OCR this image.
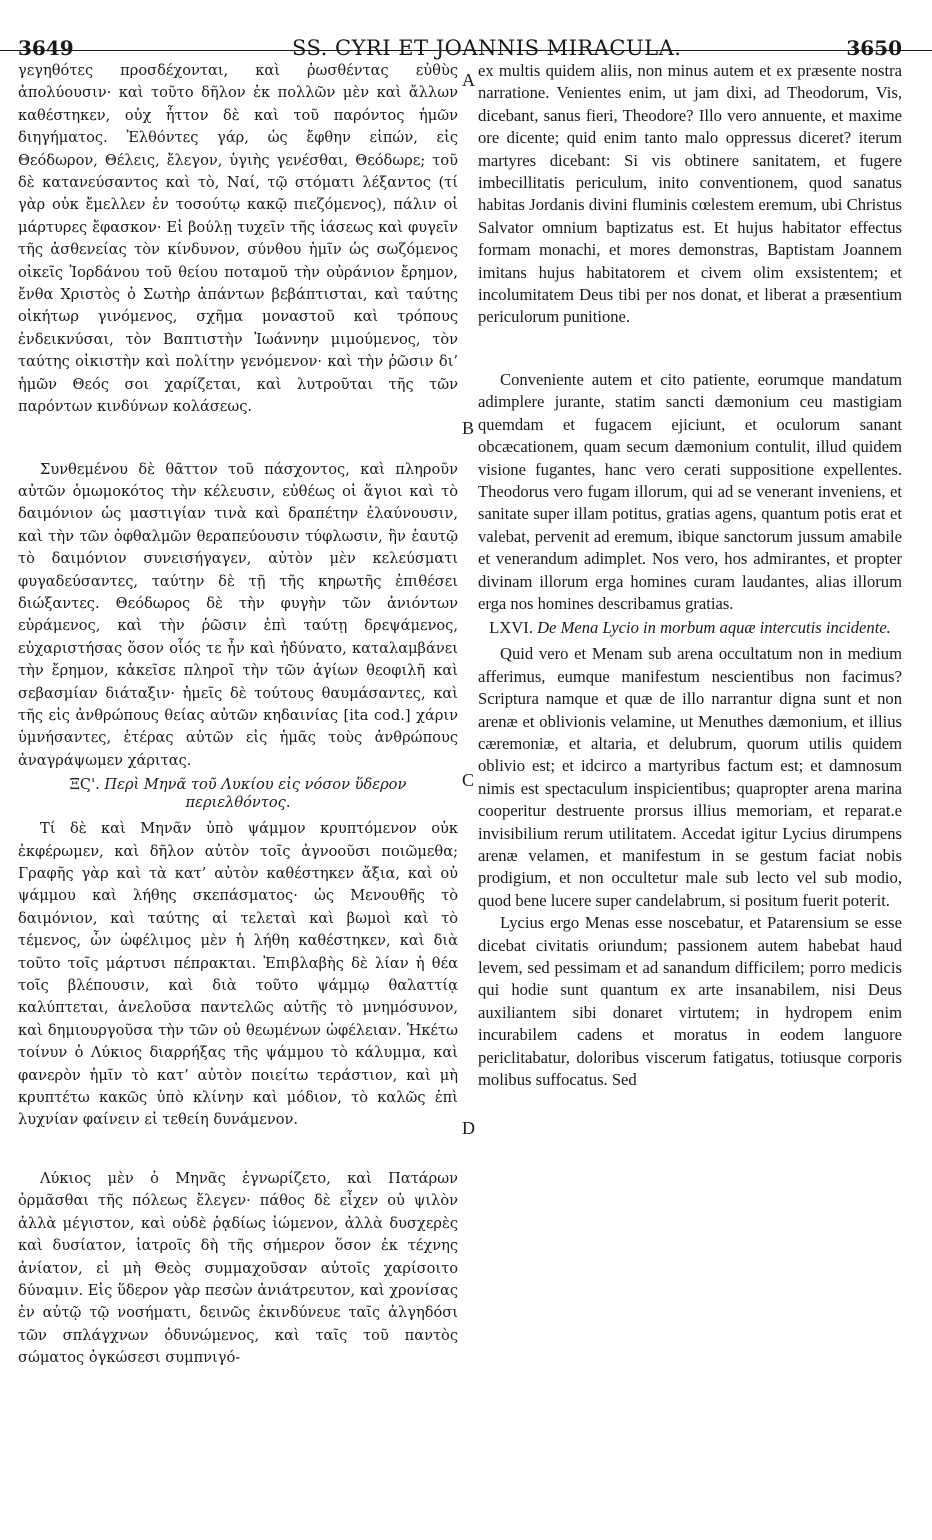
3649	SS. CYRI ET JOANNIS MIRACULA.	3650

γεγηθότες προσδέχονται, καὶ ῥωσθέντας εὐθὺς ἀπολύουσιν· καὶ τοῦτο δῆλον ἐκ πολλῶν μὲν καὶ ἄλλων καθέστηκεν, οὐχ ἧττον δὲ καὶ τοῦ παρόντος ἡμῶν διηγήματος. Ἐλθόντες γάρ, ὡς ἔφθην εἰπών, εἰς Θεόδωρον, Θέλεις, ἔλεγον, ὑγιὴς γενέσθαι, Θεόδωρε; τοῦ δὲ κατανεύσαντος καὶ τὸ, Ναί, τῷ στόματι λέξαντος (τί γὰρ οὐκ ἔμελλεν ἐν τοσούτῳ κακῷ πιεζόμενος), πάλιν οἱ μάρτυρες ἔφασκον· Εἰ βούλῃ τυχεῖν τῆς ἰάσεως καὶ φυγεῖν τῆς ἀσθενείας τὸν κίνδυνον, σύνθου ἡμῖν ὡς σωζόμενος οἰκεῖς Ἰορδάνου τοῦ θείου ποταμοῦ τὴν οὐράνιον ἔρημον, ἔνθα Χριστὸς ὁ Σωτὴρ ἁπάντων βεβάπτισται, καὶ ταύτης οἰκήτωρ γινόμενος, σχῆμα μοναστοῦ καὶ τρόπους ἐνδεικνύσαι, τὸν Βαπτιστὴν Ἰωάννην μιμούμενος, τὸν ταύτης οἰκιστὴν καὶ πολίτην γενόμενον· καὶ τὴν ῥῶσιν δι’ ἡμῶν Θεός σοι χαρίζεται, καὶ λυτροῦται τῆς τῶν παρόντων κινδύνων κολάσεως.

Συνθεμένου δὲ θᾶττον τοῦ πάσχοντος, καὶ πληροῦν αὐτῶν ὁμωμοκότος τὴν κέλευσιν, εὐθέως οἱ ἅγιοι καὶ τὸ δαιμόνιον ὡς μαστιγίαν τινὰ καὶ δραπέτην ἐλαύνουσιν, καὶ τὴν τῶν ὀφθαλμῶν θεραπεύουσιν τύφλωσιν, ἣν ἑαυτῷ τὸ δαιμόνιον συνεισήγαγεν, αὐτὸν μὲν κελεύσματι φυγαδεύσαντες, ταύτην δὲ τῇ τῆς κηρωτῆς ἐπιθέσει διώξαντες. Θεόδωρος δὲ τὴν φυγὴν τῶν ἀνιόντων εὑράμενος, καὶ τὴν ῥῶσιν ἐπὶ ταύτῃ δρεψάμενος, εὐχαριστήσας ὅσον οἷός τε ἦν καὶ ἠδύνατο, καταλαμβάνει τὴν ἔρημον, κἀκεῖσε πληροῖ τὴν τῶν ἁγίων θεοφιλῆ καὶ σεβασμίαν διάταξιν· ἡμεῖς δὲ τούτους θαυμάσαντες, καὶ τῆς εἰς ἀνθρώπους θείας αὐτῶν κηδαινίας [ita cod.] χάριν ὑμνήσαντες, ἑτέρας αὐτῶν εἰς ἡμᾶς τοὺς ἀνθρώπους ἀναγράψωμεν χάριτας.

ΞϚ'. Περὶ Μηνᾶ τοῦ Λυκίου εἰς νόσον ὕδερον περιελθόντος.

Τί δὲ καὶ Μηνᾶν ὑπὸ ψάμμον κρυπτόμενον οὐκ ἐκφέρωμεν, καὶ δῆλον αὐτὸν τοῖς ἀγνοοῦσι ποιῶμεθα; Γραφῆς γὰρ καὶ τὰ κατ’ αὐτὸν καθέστηκεν ἄξια, καὶ οὐ ψάμμου καὶ λήθης σκεπάσματος· ὡς Μενουθῆς τὸ δαιμόνιον, καὶ ταύτης αἱ τελεταὶ καὶ βωμοὶ καὶ τὸ τέμενος, ὧν ὠφέλιμος μὲν ἡ λήθη καθέστηκεν, καὶ διὰ τοῦτο τοῖς μάρτυσι πέπρακται. Ἐπιβλαβὴς δὲ λίαν ἡ θέα τοῖς βλέπουσιν, καὶ διὰ τοῦτο ψάμμῳ θαλαττίᾳ καλύπτεται, ἀνελοῦσα παντελῶς αὐτῆς τὸ μνημόσυνον, καὶ δημιουργοῦσα τὴν τῶν οὐ θεωμένων ὠφέλειαν. Ἡκέτω τοίνυν ὁ Λύκιος διαρρήξας τῆς ψάμμου τὸ κάλυμμα, καὶ φανερὸν ἡμῖν τὸ κατ’ αὐτὸν ποιείτω τεράστιον, καὶ μὴ κρυπτέτω κακῶς ὑπὸ κλίνην καὶ μόδιον, τὸ καλῶς ἐπὶ λυχνίαν φαίνειν εἰ τεθείη δυνάμενον.

Λύκιος μὲν ὁ Μηνᾶς ἐγνωρίζετο, καὶ Πατάρων ὁρμᾶσθαι τῆς πόλεως ἔλεγεν· πάθος δὲ εἶχεν οὐ ψιλὸν ἀλλὰ μέγιστον, καὶ οὐδὲ ῥᾳδίως ἰώμενον, ἀλλὰ δυσχερὲς καὶ δυσίατον, ἰατροῖς δὴ τῆς σήμερον ὅσον ἐκ τέχνης ἀνίατον, εἰ μὴ Θεὸς συμμαχοῦσαν αὐτοῖς χαρίσοιτο δύναμιν. Εἰς ὕδερον γὰρ πεσὼν ἀνιάτρευτον, καὶ χρονίσας ἐν αὐτῷ τῷ νοσήματι, δεινῶς ἐκινδύνευε ταῖς ἀλγηδόσι τῶν σπλάγχνων ὀδυνώμενος, καὶ ταῖς τοῦ παντὸς σώματος ὀγκώσεσι συμπνιγό-

ex multis quidem aliis, non minus autem et ex præsente nostra narratione. Venientes enim, ut jam dixi, ad Theodorum, Vis, dicebant, sanus fieri, Theodore? Illo vero annuente, et maxime ore dicente; quid enim tanto malo oppressus diceret? iterum martyres dicebant: Si vis obtinere sanitatem, et fugere imbecillitatis periculum, inito conventionem, quod sanatus habitas Jordanis divini fluminis cœlestem eremum, ubi Christus Salvator omnium baptizatus est. Et hujus habitator effectus formam monachi, et mores demonstras, Baptistam Joannem imitans hujus habitatorem et civem olim exsistentem; et incolumitatem Deus tibi per nos donat, et liberat a præsentium periculorum punitione.

Conveniente autem et cito patiente, eorumque mandatum adimplere jurante, statim sancti dæmonium ceu mastigiam quemdam et fugacem ejiciunt, et oculorum sanant obcæcationem, quam secum dæmonium contulit, illud quidem visione fugantes, hanc vero cerati suppositione expellentes. Theodorus vero fugam illorum, qui ad se venerant inveniens, et sanitate super illam potitus, gratias agens, quantum potis erat et valebat, pervenit ad eremum, ibique sanctorum jussum amabile et venerandum adimplet. Nos vero, hos admirantes, et propter divinam illorum erga homines curam laudantes, alias illorum erga nos homines describamus gratias.

LXVI. De Mena Lycio in morbum aquæ intercutis incidente.

Quid vero et Menam sub arena occultatum non in medium afferimus, eumque manifestum nescientibus non facimus? Scriptura namque et quæ de illo narrantur digna sunt et non arenæ et oblivionis velamine, ut Menuthes dæmonium, et illius cæremoniæ, et altaria, et delubrum, quorum utilis quidem oblivio est; et idcirco a martyribus factum est; et damnosum nimis est spectaculum inspicientibus; quapropter arena marina cooperitur destruente prorsus illius memoriam, et reparat.e invisibilium rerum utilitatem. Accedat igitur Lycius dirumpens arenæ velamen, et manifestum in se gestum faciat nobis prodigium, et non occultetur male sub lecto vel sub modio, quod bene lucere super candelabrum, si positum fuerit poterit.

Lycius ergo Menas esse noscebatur, et Patarensium se esse dicebat civitatis oriundum; passionem autem habebat haud levem, sed pessimam et ad sanandum difficilem; porro medicis qui hodie sunt quantum ex arte insanabilem, nisi Deus auxiliantem sibi donaret virtutem; in hydropem enim incurabilem cadens et moratus in eodem languore periclitabatur, doloribus viscerum fatigatus, totiusque corporis molibus suffocatus. Sed

A
B
C
D
